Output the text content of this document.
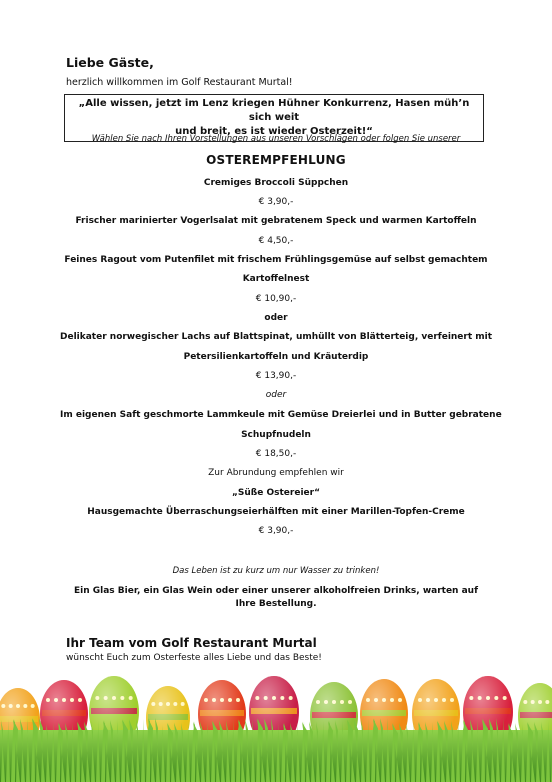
Liebe Gäste,
herzlich willkommen im Golf Restaurant Murtal!
„Alle wissen, jetzt im Lenz kriegen Hühner Konkurrenz, Hasen müh’n sich weit
und breit, es ist wieder Osterzeit!“
Wählen Sie nach Ihren Vorstellungen aus unseren Vorschlägen oder folgen Sie unserer
OSTEREMPFEHLUNG
Cremiges Broccoli Süppchen
€ 3,90,-
Frischer marinierter Vogerlsalat mit gebratenem Speck und warmen Kartoffeln
€ 4,50,-
Feines Ragout vom Putenfilet mit frischem Frühlingsgemüse auf selbst gemachtem
Kartoffelnest
€ 10,90,-
oder
Delikater norwegischer Lachs auf Blattspinat, umhüllt von Blätterteig, verfeinert mit
Petersilienkartoffeln und Kräuterdip
€ 13,90,-
oder
Im eigenen Saft geschmorte Lammkeule mit Gemüse Dreierlei und in Butter gebratene
Schupfnudeln
€ 18,50,-
Zur Abrundung empfehlen wir
„Süße Ostereier“
Hausgemachte Überraschungseierhälften mit einer Marillen-Topfen-Creme
€ 3,90,-
Das Leben ist zu kurz um nur Wasser zu trinken!
Ein Glas Bier, ein Glas Wein oder einer unserer alkoholfreien Drinks, warten auf Ihre Bestellung.
Ihr Team vom Golf Restaurant Murtal
wünscht Euch zum Osterfeste alles Liebe und das Beste!
